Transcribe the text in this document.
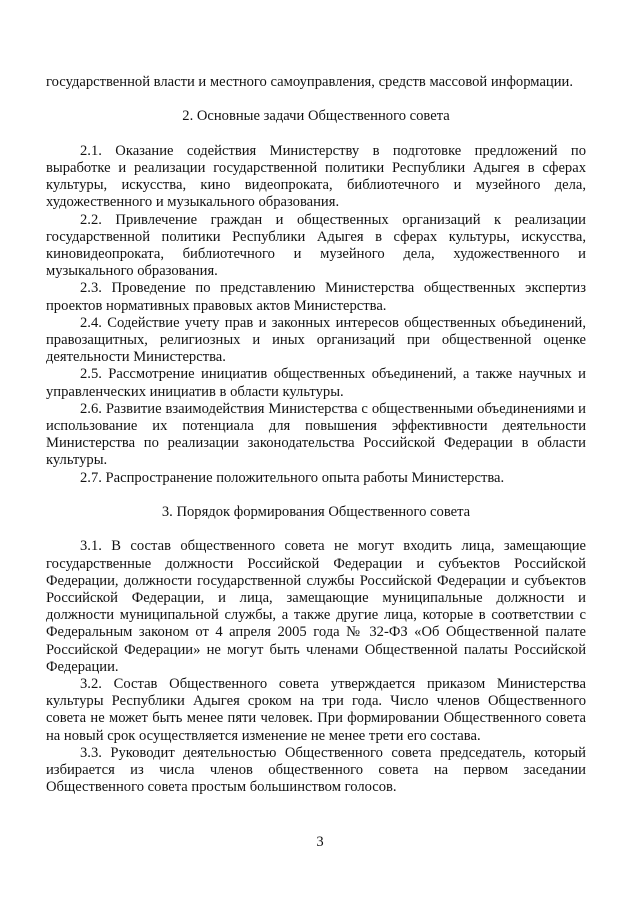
государственной власти и местного самоуправления, средств массовой информации.

2. Основные задачи Общественного совета

2.1. Оказание содействия Министерству в подготовке предложений по выработке и реализации государственной политики Республики Адыгея в сферах культуры, искусства, кино видеопроката, библиотечного и музейного дела, художественного и музыкального образования.

2.2. Привлечение граждан и общественных организаций к реализации государственной политики Республики Адыгея в сферах культуры, искусства, киновидеопроката, библиотечного и музейного дела, художественного и музыкального образования.

2.3. Проведение по представлению Министерства общественных экспертиз проектов нормативных правовых актов Министерства.

2.4. Содействие учету прав и законных интересов общественных объединений, правозащитных, религиозных и иных организаций при общественной оценке деятельности Министерства.

2.5. Рассмотрение инициатив общественных объединений, а также научных и управленческих инициатив в области культуры.

2.6. Развитие взаимодействия Министерства с общественными объединениями и использование их потенциала для повышения эффективности деятельности Министерства по реализации законодательства Российской Федерации в области культуры.

2.7. Распространение положительного опыта работы Министерства.

3. Порядок формирования Общественного совета

3.1. В состав общественного совета не могут входить лица, замещающие государственные должности Российской Федерации и субъектов Российской Федерации, должности государственной службы Российской Федерации и субъектов Российской Федерации, и лица, замещающие муниципальные должности и должности муниципальной службы, а также другие лица, которые в соответствии с Федеральным законом от 4 апреля 2005 года № 32-ФЗ «Об Общественной палате Российской Федерации» не могут быть членами Общественной палаты Российской Федерации.

3.2. Состав Общественного совета утверждается приказом Министерства культуры Республики Адыгея сроком на три года. Число членов Общественного совета не может быть менее пяти человек. При формировании Общественного совета на новый срок осуществляется изменение не менее трети его состава.

3.3. Руководит деятельностью Общественного совета председатель, который избирается из числа членов общественного совета на первом заседании Общественного совета простым большинством голосов.

3
